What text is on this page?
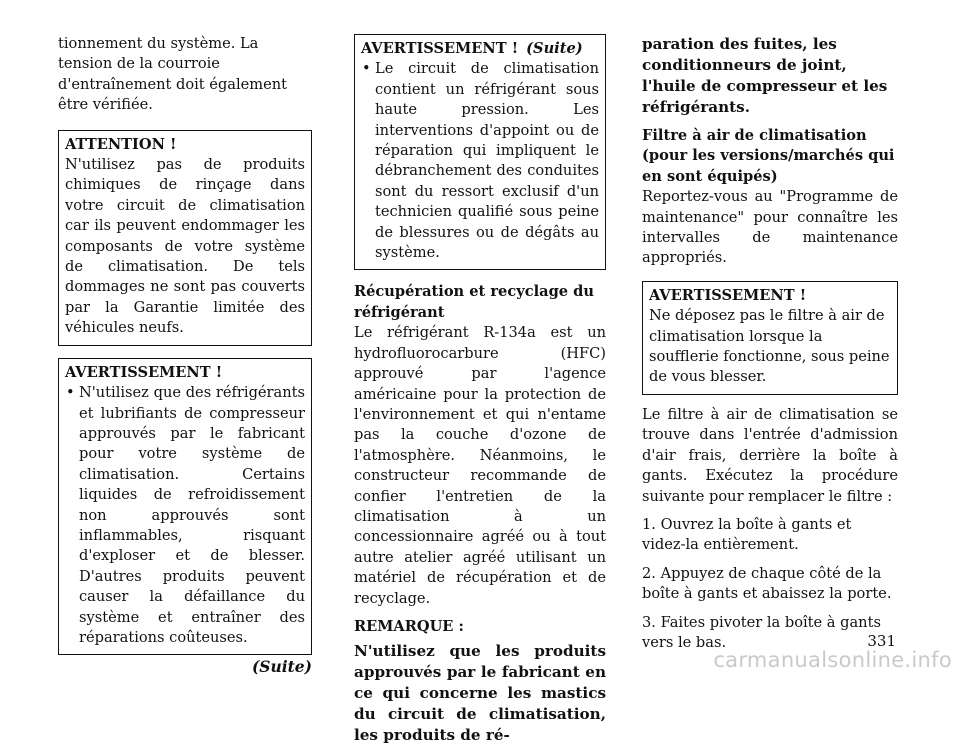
tionnement du système. La tension de la courroie d'entraînement doit également être vérifiée.

ATTENTION !

N'utilisez pas de produits chimiques de rinçage dans votre circuit de climatisation car ils peuvent endommager les composants de votre système de climatisation. De tels dommages ne sont pas couverts par la Garantie limitée des véhicules neufs.

AVERTISSEMENT !
• N'utilisez que des réfrigérants et lubrifiants de compresseur approuvés par le fabricant pour votre système de climatisation. Certains liquides de refroidissement non approuvés sont inflammables, risquant d'exploser et de blesser. D'autres produits peuvent causer la défaillance du système et entraîner des réparations coûteuses.
(Suite)
AVERTISSEMENT ! (Suite)
• Le circuit de climatisation contient un réfrigérant sous haute pression. Les interventions d'appoint ou de réparation qui impliquent le débranchement des conduites sont du ressort exclusif d'un technicien qualifié sous peine de blessures ou de dégâts au système.
Récupération et recyclage du réfrigérant

Le réfrigérant R-134a est un hydrofluorocarbure (HFC) approuvé par l'agence américaine pour la protection de l'environnement et qui n'entame pas la couche d'ozone de l'atmosphère. Néanmoins, le constructeur recommande de confier l'entretien de la climatisation à un concessionnaire agréé ou à tout autre atelier agréé utilisant un matériel de récupération et de recyclage.

REMARQUE :

N'utilisez que les produits approuvés par le fabricant en ce qui concerne les mastics du circuit de climatisation, les produits de ré-

paration des fuites, les conditionneurs de joint, l'huile de compresseur et les réfrigérants.

Filtre à air de climatisation (pour les versions/marchés qui en sont équipés)

Reportez-vous au "Programme de maintenance" pour connaître les intervalles de maintenance appropriés.

AVERTISSEMENT !

Ne déposez pas le filtre à air de climatisation lorsque la soufflerie fonctionne, sous peine de vous blesser.

Le filtre à air de climatisation se trouve dans l'entrée d'admission d'air frais, derrière la boîte à gants. Exécutez la procédure suivante pour remplacer le filtre :

1. Ouvrez la boîte à gants et videz-la entièrement.

2. Appuyez de chaque côté de la boîte à gants et abaissez la porte.

3. Faites pivoter la boîte à gants vers le bas.	331
carmanualsonline.info
